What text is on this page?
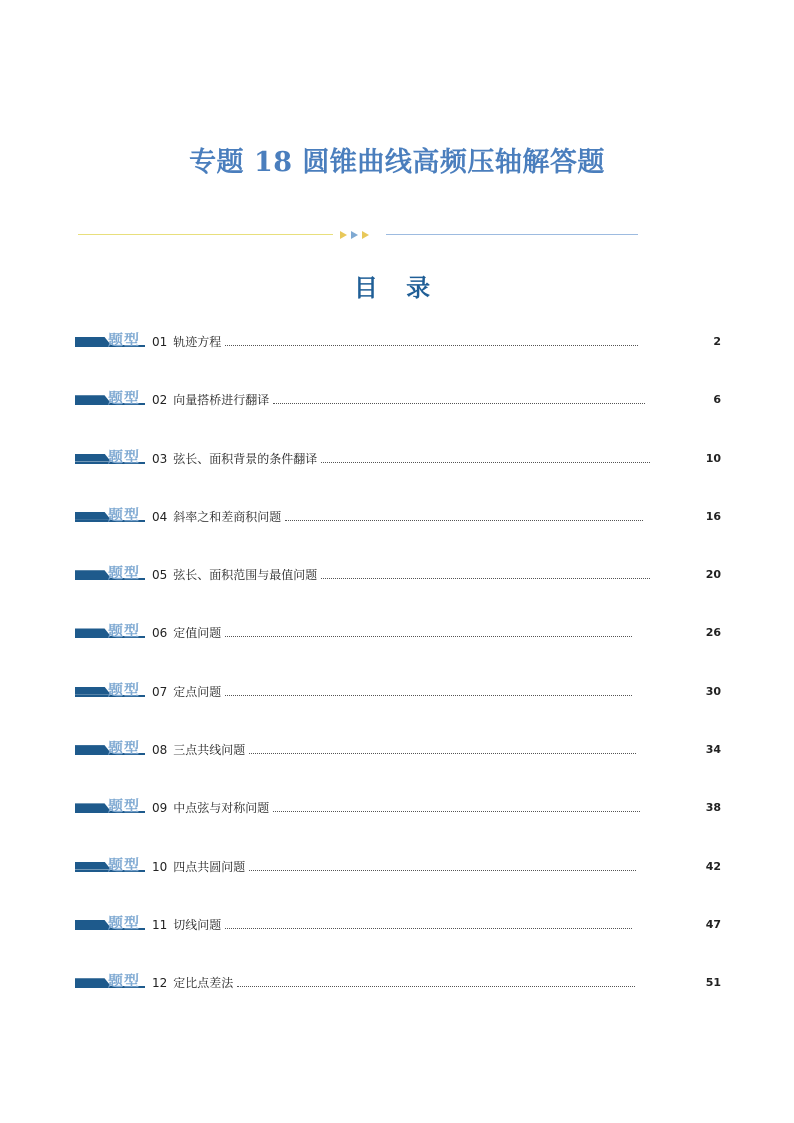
专题 18 圆锥曲线高频压轴解答题
目 录
题型 01 轨迹方程	2
题型 02 向量搭桥进行翻译	6
题型 03 弦长、面积背景的条件翻译	10
题型 04 斜率之和差商积问题	16
题型 05 弦长、面积范围与最值问题	20
题型 06 定值问题	26
题型 07 定点问题	30
题型 08 三点共线问题	34
题型 09 中点弦与对称问题	38
题型 10 四点共圆问题	42
题型 11 切线问题	47
题型 12 定比点差法	51
